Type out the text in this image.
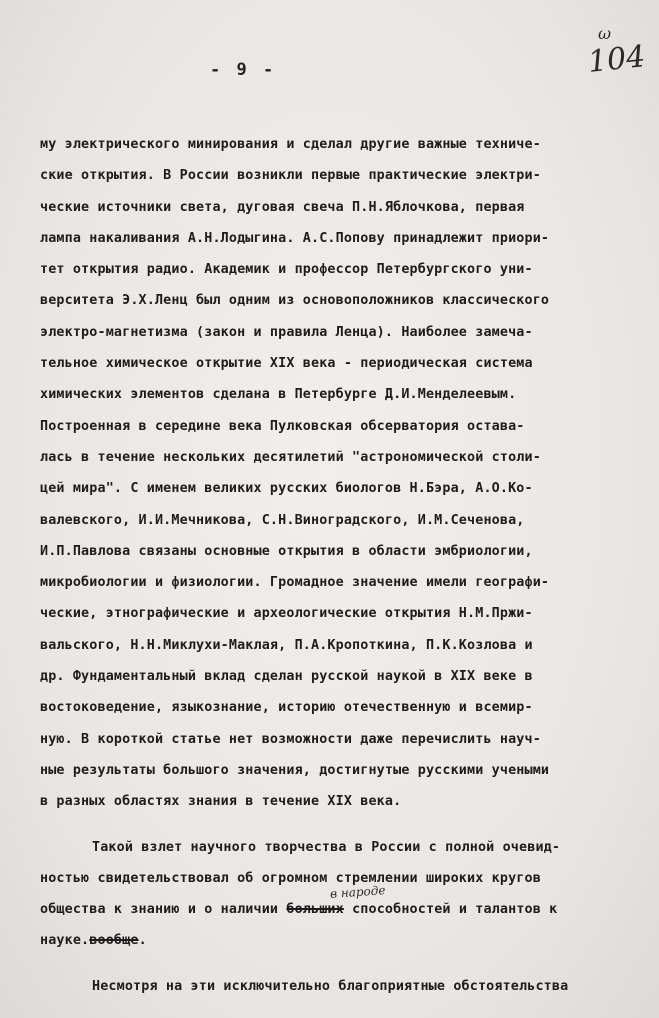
ω
104
- 9 -
му электрического минирования и сделал другие важные техниче-
ские открытия. В России возникли первые практические электри-
ческие источники света, дуговая свеча П.Н.Яблочкова, первая
лампа накаливания А.Н.Лодыгина. А.С.Попову принадлежит приори-
тет открытия радио. Академик и профессор Петербургского уни-
верситета Э.Х.Ленц был одним из основоположников классического
электро-магнетизма (закон и правила Ленца). Наиболее замеча-
тельное химическое открытие XIX века - периодическая система
химических элементов сделана в Петербурге Д.И.Менделеевым.
Построенная в середине века Пулковская обсерватория остава-
лась в течение нескольких десятилетий "астрономической столи-
цей мира". С именем великих русских биологов Н.Бэра, А.О.Ко-
валевского, И.И.Мечникова, С.Н.Виноградского, И.М.Сеченова,
И.П.Павлова связаны основные открытия в области эмбриологии,
микробиологии и физиологии. Громадное значение имели географи-
ческие, этнографические и археологические открытия Н.М.Пржи-
вальского, Н.Н.Миклухи-Маклая, П.А.Кропоткина, П.К.Козлова и
др. Фундаментальный вклад сделан русской наукой в XIX веке в
востоковедение, языкознание, историю отечественную и всемир-
ную. В короткой статье нет возможности даже перечислить науч-
ные результаты большого значения, достигнутые русскими учеными
в разных областях знания в течение XIX века.
Такой взлет научного творчества в России с полной очевид-
ностью свидетельствовал об огромном стремлении широких кругов
общества к знанию и о наличии больших способностей и талантов к
науке.вообще.
Несмотря на эти исключительно благоприятные обстоятельства
в народе
